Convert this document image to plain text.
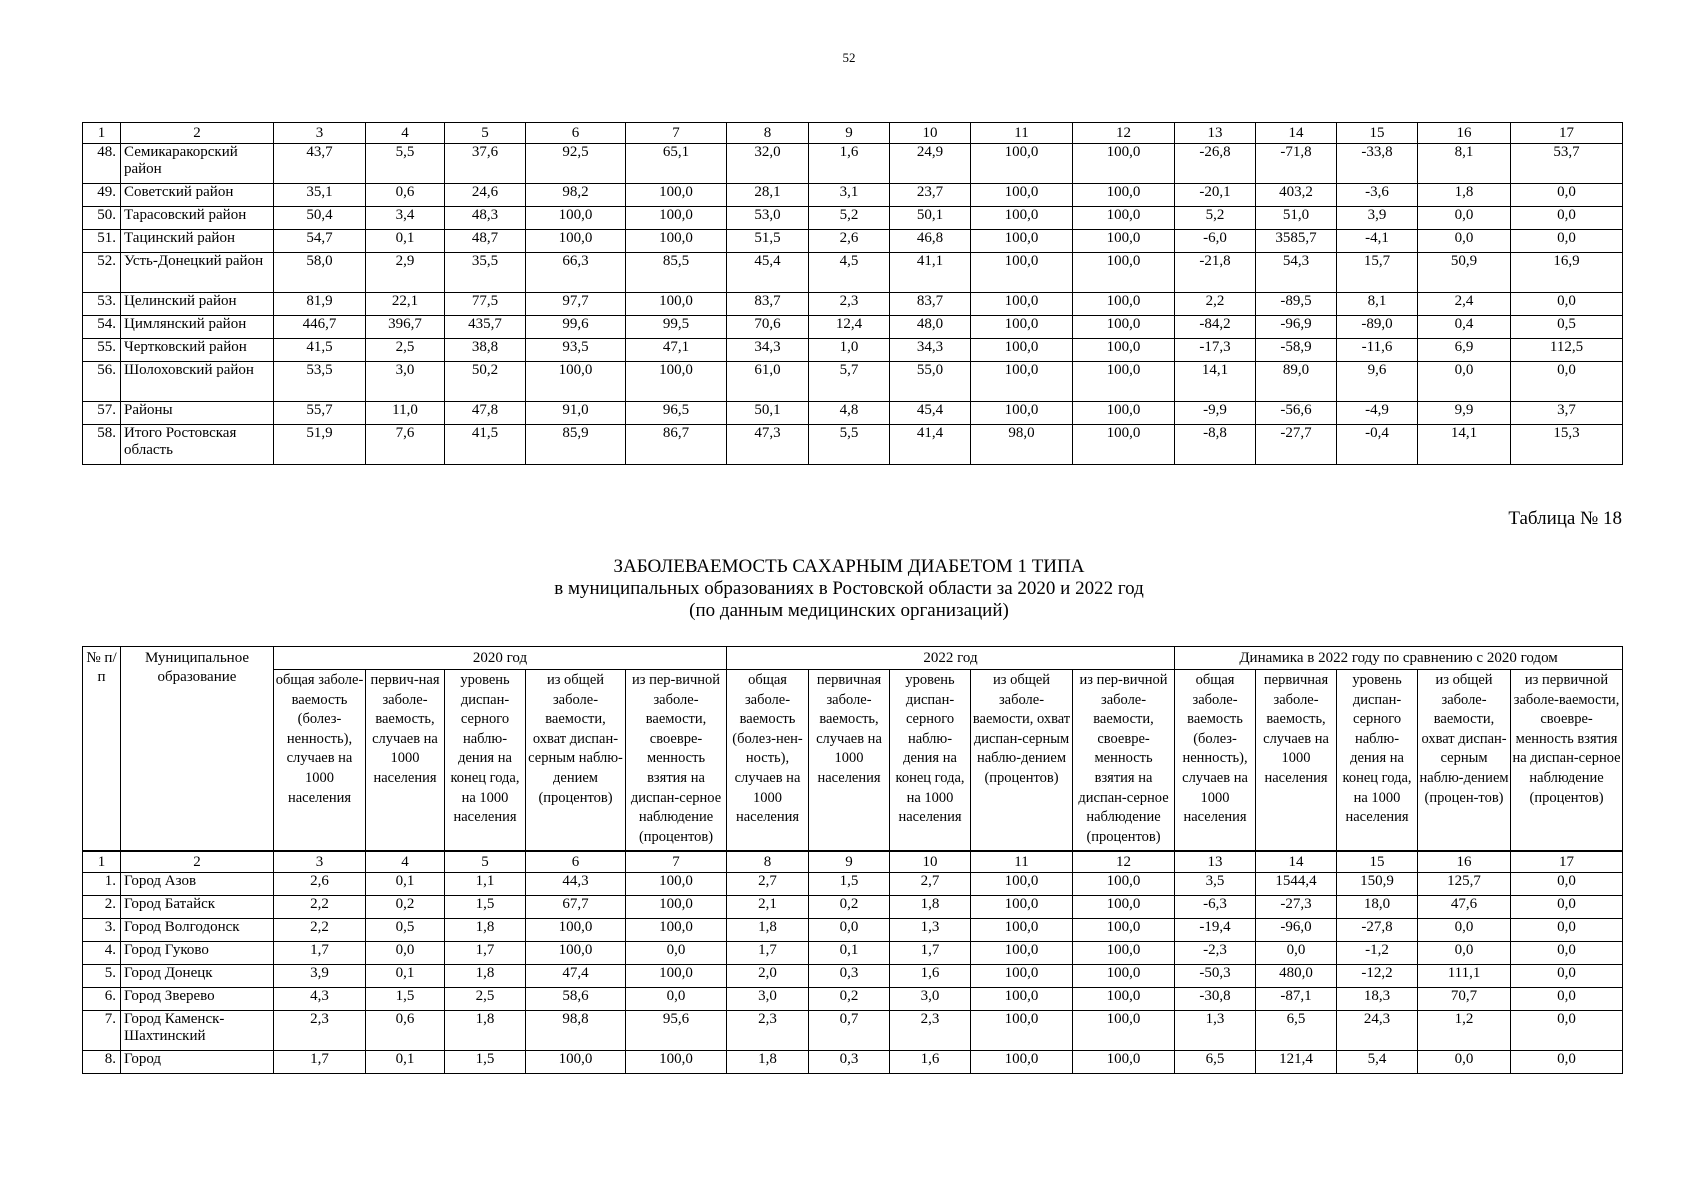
52
1	2	3	4	5	6	7	8	9	10	11	12	13	14	15	16	17
48.	Семикаракорский район	43,7	5,5	37,6	92,5	65,1	32,0	1,6	24,9	100,0	100,0	-26,8	-71,8	-33,8	8,1	53,7
49.	Советский район	35,1	0,6	24,6	98,2	100,0	28,1	3,1	23,7	100,0	100,0	-20,1	403,2	-3,6	1,8	0,0
50.	Тарасовский район	50,4	3,4	48,3	100,0	100,0	53,0	5,2	50,1	100,0	100,0	5,2	51,0	3,9	0,0	0,0
51.	Тацинский район	54,7	0,1	48,7	100,0	100,0	51,5	2,6	46,8	100,0	100,0	-6,0	3585,7	-4,1	0,0	0,0
52.	Усть-Донецкий район	58,0	2,9	35,5	66,3	85,5	45,4	4,5	41,1	100,0	100,0	-21,8	54,3	15,7	50,9	16,9
53.	Целинский район	81,9	22,1	77,5	97,7	100,0	83,7	2,3	83,7	100,0	100,0	2,2	-89,5	8,1	2,4	0,0
54.	Цимлянский район	446,7	396,7	435,7	99,6	99,5	70,6	12,4	48,0	100,0	100,0	-84,2	-96,9	-89,0	0,4	0,5
55.	Чертковский район	41,5	2,5	38,8	93,5	47,1	34,3	1,0	34,3	100,0	100,0	-17,3	-58,9	-11,6	6,9	112,5
56.	Шолоховский район	53,5	3,0	50,2	100,0	100,0	61,0	5,7	55,0	100,0	100,0	14,1	89,0	9,6	0,0	0,0
57.	Районы	55,7	11,0	47,8	91,0	96,5	50,1	4,8	45,4	100,0	100,0	-9,9	-56,6	-4,9	9,9	3,7
58.	Итого Ростовская область	51,9	7,6	41,5	85,9	86,7	47,3	5,5	41,4	98,0	100,0	-8,8	-27,7	-0,4	14,1	15,3
Таблица № 18
ЗАБОЛЕВАЕМОСТЬ САХАРНЫМ ДИАБЕТОМ 1 ТИПА
в муниципальных образованиях в Ростовской области за 2020 и 2022 год
(по данным медицинских организаций)
№ п/п	Муниципальное образование	2020 год					2022 год					Динамика в 2022 году по сравнению с 2020 годом				
		общая заболе-ваемость (болез-ненность), случаев на 1000 населения	первич-ная заболе-ваемость, случаев на 1000 населения	уровень диспан-серного наблю-дения на конец года, на 1000 населения	из общей заболе-ваемости, охват диспан-серным наблю-дением (процентов)	из пер-вичной заболе-ваемости, своевре-менность взятия на диспан-серное наблюдение (процентов)	общая заболе-ваемость (болез-нен-ность), случаев на 1000 населения	первичная заболе-ваемость, случаев на 1000 населения	уровень диспан-серного наблю-дения на конец года, на 1000 населения	из общей заболе-ваемости, охват диспан-серным наблю-дением (процентов)	из пер-вичной заболе-ваемости, своевре-менность взятия на диспан-серное наблюдение (процентов)	общая заболе-ваемость (болез-ненность), случаев на 1000 населения	первичная заболе-ваемость, случаев на 1000 населения	уровень диспан-серного наблю-дения на конец года, на 1000 населения	из общей заболе-ваемости, охват диспан-серным наблю-дением (процен-тов)	из первичной заболе-ваемости, своевре-менность взятия на диспан-серное наблюдение (процентов)
1	2	3	4	5	6	7	8	9	10	11	12	13	14	15	16	17
1.	Город Азов	2,6	0,1	1,1	44,3	100,0	2,7	1,5	2,7	100,0	100,0	3,5	1544,4	150,9	125,7	0,0
2.	Город Батайск	2,2	0,2	1,5	67,7	100,0	2,1	0,2	1,8	100,0	100,0	-6,3	-27,3	18,0	47,6	0,0
3.	Город Волгодонск	2,2	0,5	1,8	100,0	100,0	1,8	0,0	1,3	100,0	100,0	-19,4	-96,0	-27,8	0,0	0,0
4.	Город Гуково	1,7	0,0	1,7	100,0	0,0	1,7	0,1	1,7	100,0	100,0	-2,3	0,0	-1,2	0,0	0,0
5.	Город Донецк	3,9	0,1	1,8	47,4	100,0	2,0	0,3	1,6	100,0	100,0	-50,3	480,0	-12,2	111,1	0,0
6.	Город Зверево	4,3	1,5	2,5	58,6	0,0	3,0	0,2	3,0	100,0	100,0	-30,8	-87,1	18,3	70,7	0,0
7.	Город Каменск-Шахтинский	2,3	0,6	1,8	98,8	95,6	2,3	0,7	2,3	100,0	100,0	1,3	6,5	24,3	1,2	0,0
8.	Город	1,7	0,1	1,5	100,0	100,0	1,8	0,3	1,6	100,0	100,0	6,5	121,4	5,4	0,0	0,0
